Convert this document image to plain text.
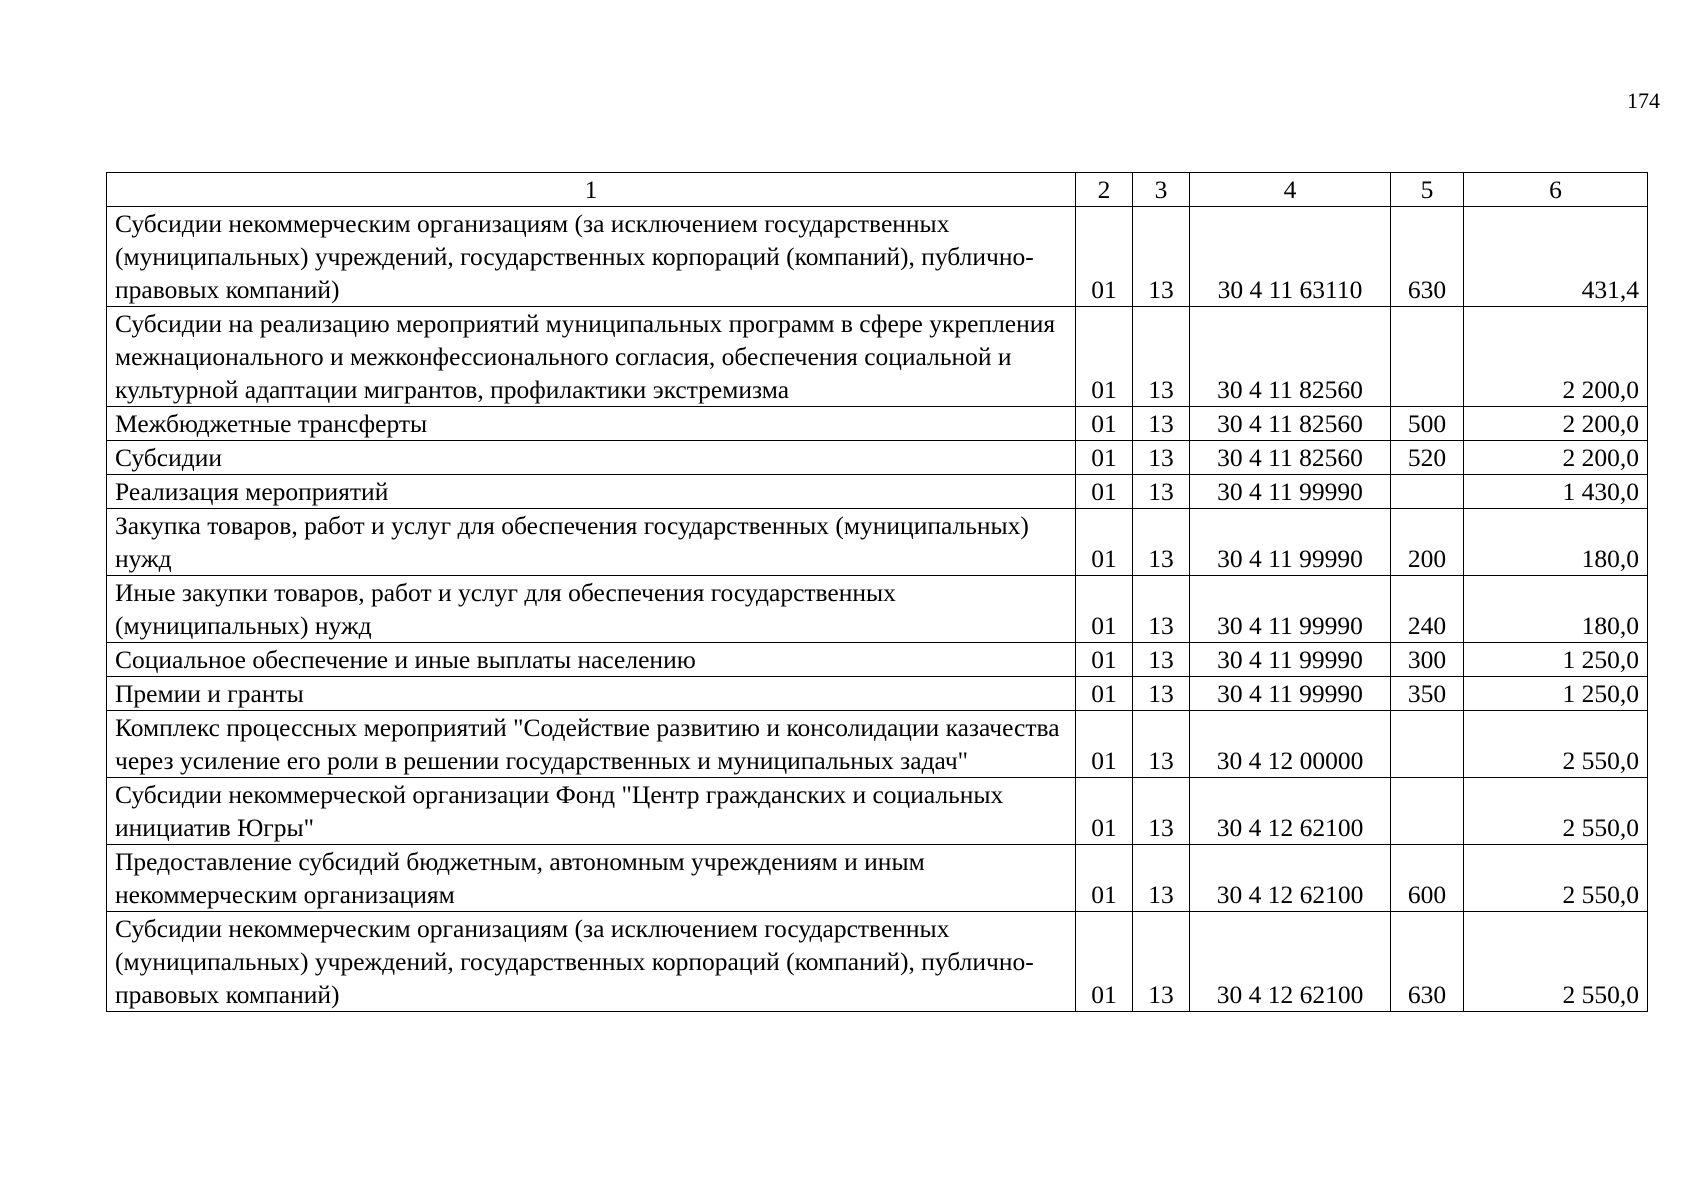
174
1	2	3	4	5	6
Субсидии некоммерческим организациям (за исключением государственных (муниципальных) учреждений, государственных корпораций (компаний), публично-правовых компаний)	01	13	30 4 11 63110	630	431,4
Субсидии на реализацию мероприятий муниципальных программ в сфере укрепления межнационального и межконфессионального согласия, обеспечения социальной и культурной адаптации мигрантов, профилактики экстремизма	01	13	30 4 11 82560		2 200,0
Межбюджетные трансферты	01	13	30 4 11 82560	500	2 200,0
Субсидии	01	13	30 4 11 82560	520	2 200,0
Реализация мероприятий	01	13	30 4 11 99990		1 430,0
Закупка товаров, работ и услуг для обеспечения государственных (муниципальных) нужд	01	13	30 4 11 99990	200	180,0
Иные закупки товаров, работ и услуг для обеспечения государственных (муниципальных) нужд	01	13	30 4 11 99990	240	180,0
Социальное обеспечение и иные выплаты населению	01	13	30 4 11 99990	300	1 250,0
Премии и гранты	01	13	30 4 11 99990	350	1 250,0
Комплекс процессных мероприятий "Содействие развитию и консолидации казачества через усиление его роли в решении государственных и муниципальных задач"	01	13	30 4 12 00000		2 550,0
Субсидии некоммерческой организации Фонд "Центр гражданских и социальных инициатив Югры"	01	13	30 4 12 62100		2 550,0
Предоставление субсидий бюджетным, автономным учреждениям и иным некоммерческим организациям	01	13	30 4 12 62100	600	2 550,0
Субсидии некоммерческим организациям (за исключением государственных (муниципальных) учреждений, государственных корпораций (компаний), публично-правовых компаний)	01	13	30 4 12 62100	630	2 550,0
